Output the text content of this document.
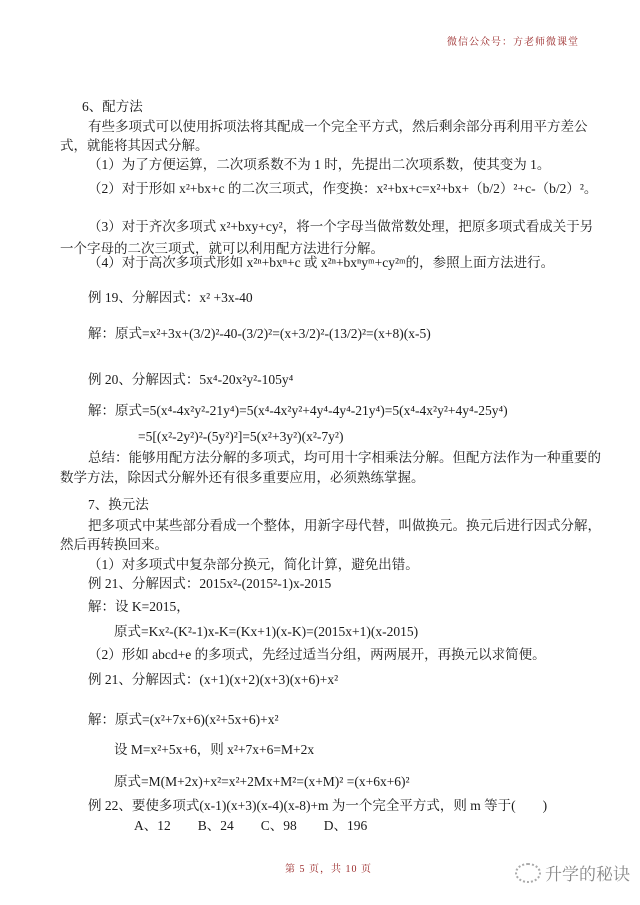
微信公众号：方老师微课堂
6、配方法
有些多项式可以使用拆项法将其配成一个完全平方式，然后剩余部分再利用平方差公
式，就能将其因式分解。
（1）为了方便运算，二次项系数不为 1 时，先提出二次项系数，使其变为 1。
（2）对于形如 x²+bx+c 的二次三项式，作变换：x²+bx+c=x²+bx+（b/2）²+c-（b/2）²。
（3）对于齐次多项式 x²+bxy+cy²，将一个字母当做常数处理，把原多项式看成关于另
一个字母的二次三项式，就可以利用配方法进行分解。
（4）对于高次多项式形如 x²ⁿ+bxⁿ+c 或 x²ⁿ+bxⁿyᵐ+cy²ᵐ的，参照上面方法进行。
例 19、分解因式：x² +3x-40
解：原式=x²+3x+(3/2)²-40-(3/2)²=(x+3/2)²-(13/2)²=(x+8)(x-5)
例 20、分解因式：5x⁴-20x²y²-105y⁴
解：原式=5(x⁴-4x²y²-21y⁴)=5(x⁴-4x²y²+4y⁴-4y⁴-21y⁴)=5(x⁴-4x²y²+4y⁴-25y⁴)
=5[(x²-2y²)²-(5y²)²]=5(x²+3y²)(x²-7y²)
总结：能够用配方法分解的多项式，均可用十字相乘法分解。但配方法作为一种重要的
数学方法，除因式分解外还有很多重要应用，必须熟练掌握。
7、换元法
把多项式中某些部分看成一个整体，用新字母代替，叫做换元。换元后进行因式分解，
然后再转换回来。
（1）对多项式中复杂部分换元，简化计算，避免出错。
例 21、分解因式：2015x²-(2015²-1)x-2015
解：设 K=2015，
原式=Kx²-(K²-1)x-K=(Kx+1)(x-K)=(2015x+1)(x-2015)
（2）形如 abcd+e 的多项式，先经过适当分组，两两展开，再换元以求简便。
例 21、分解因式：(x+1)(x+2)(x+3)(x+6)+x²
解：原式=(x²+7x+6)(x²+5x+6)+x²
设 M=x²+5x+6，则 x²+7x+6=M+2x
原式=M(M+2x)+x²=x²+2Mx+M²=(x+M)² =(x+6x+6)²
例 22、要使多项式(x-1)(x+3)(x-4)(x-8)+m 为一个完全平方式，则 m 等于(　　)
A、12　　B、24　　C、98　　D、196
第 5 页，共 10 页	升学的秘诀
